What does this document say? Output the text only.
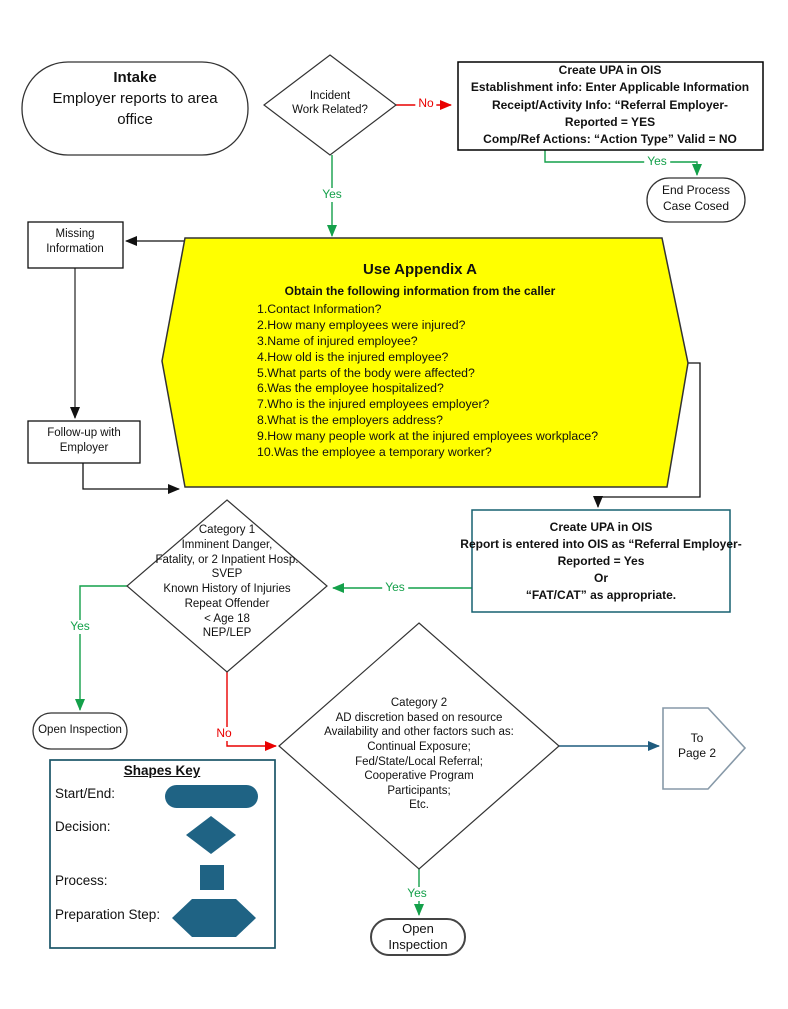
Intake
Employer reports to area
office
Incident
Work Related?	No
Create UPA in OIS
Establishment info: Enter Applicable Information
Receipt/Activity Info: “Referral Employer-
Reported = YES
Comp/Ref Actions: “Action Type” Valid = NO
Yes
End Process
Case Cosed
Yes
Use Appendix A
Obtain the following information from the caller
1.Contact Information?
2.How many employees were injured?
3.Name of injured employee?
4.How old is the injured employee?
5.What parts of the body were affected?
6.Was the employee hospitalized?
7.Who is the injured employees employer?
8.What is the employers address?
9.How many people work at the injured employees workplace?
10.Was the employee a temporary worker?
Missing
Information
Follow-up with
Employer
Create UPA in OIS
Report is entered into OIS as “Referral Employer-
Reported = Yes
Or
“FAT/CAT” as appropriate.
Yes
Category 1
Imminent Danger,
Fatality, or 2 Inpatient Hosp.
SVEP
Known History of Injuries
Repeat Offender
< Age 18
NEP/LEP
Yes
Open Inspection	No
Category 2
AD discretion based on resource
Availability and other factors such as:
Continual Exposure;
Fed/State/Local Referral;
Cooperative Program
Participants;
Etc.
To
Page 2
Yes
Open
Inspection
Shapes Key
Start/End:
Decision:
Process:
Preparation Step:
